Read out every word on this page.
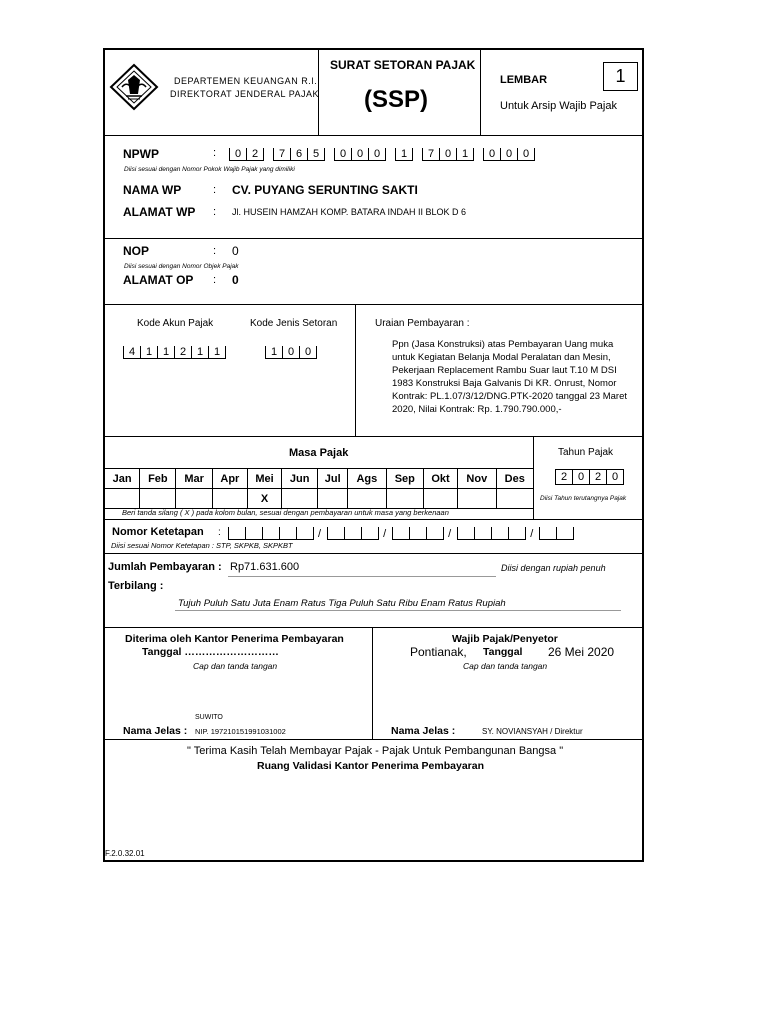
DEPARTEMEN KEUANGAN R.I.
DIREKTORAT JENDERAL PAJAK
SURAT SETORAN PAJAK
(SSP)
LEMBAR	1
Untuk Arsip Wajib Pajak
NPWP	:	0 2	7 6 5	0 0 0	1	7 0 1	0 0 0
Diisi sesuai dengan Nomor Pokok Wajib Pajak yang dimiliki
NAMA WP	: CV. PUYANG SERUNTING SAKTI
ALAMAT WP : Jl. HUSEIN HAMZAH KOMP. BATARA INDAH II BLOK D 6
NOP	: 0
Diisi sesuai dengan Nomor Objek Pajak
ALAMAT OP : 0
Kode Akun Pajak	Kode Jenis Setoran	Uraian Pembayaran :
4 1 1 2 1 1	1 0 0
Ppn (Jasa Konstruksi) atas Pembayaran Uang muka
untuk Kegiatan Belanja Modal Peralatan dan Mesin,
Pekerjaan Replacement Rambu Suar laut T.10 M DSI
1983 Konstruksi Baja Galvanis Di KR. Onrust, Nomor
Kontrak: PL.1.07/3/12/DNG.PTK-2020 tanggal 23 Maret
2020, Nilai Kontrak: Rp. 1.790.790.000,-
Masa Pajak
Jan	Feb	Mar	Apr	Mei	Jun	Jul	Ags	Sep	Okt	Nov	Des
				X							
Beri tanda silang ( X ) pada kolom bulan, sesuai dengan pembayaran untuk masa yang berkenaan
Tahun Pajak
2 0 2 0
Diisi Tahun terutangnya Pajak
Nomor Ketetapan :	/	/	/	/
Diisi sesuai Nomor Ketetapan : STP, SKPKB, SKPKBT
Jumlah Pembayaran : Rp71.631.600	Diisi dengan rupiah penuh
Terbilang :
Tujuh Puluh Satu Juta Enam Ratus Tiga Puluh Satu Ribu Enam Ratus Rupiah
Diterima oleh Kantor Penerima Pembayaran
Tanggal ………………………
Cap dan tanda tangan
SUWITO
Nama Jelas : NIP. 197210151991031002
Wajib Pajak/Penyetor
Pontianak, Tanggal 26 Mei 2020
Cap dan tanda tangan
Nama Jelas :	SY. NOVIANSYAH / Direktur
" Terima Kasih Telah Membayar Pajak - Pajak Untuk Pembangunan Bangsa "
Ruang Validasi Kantor Penerima Pembayaran
F.2.0.32.01
